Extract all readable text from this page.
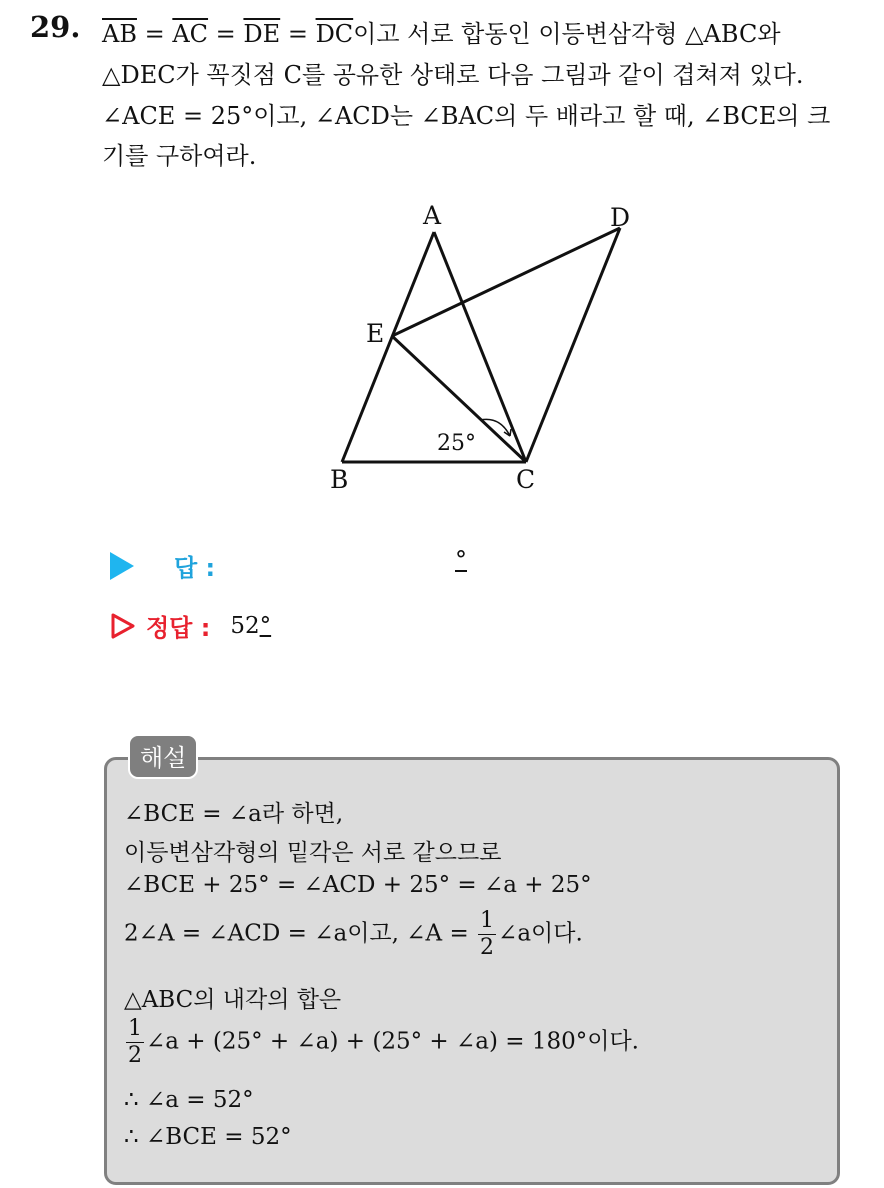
29. $\overline{AB} = \overline{AC} = \overline{DE} = \overline{DC}$이고 서로 합동인 이등변삼각형 △ABC와
△DEC가 꼭짓점 C를 공유한 상태로 다음 그림과 같이 겹쳐져 있다.
∠ACE = 25°이고, ∠ACD는 ∠BAC의 두 배라고 할 때, ∠BCE의 크
기를 구하여라.
A	D
E
B	C
25°
답 :	°
정답 : 52°
해설
∠BCE = ∠a라 하면,
이등변삼각형의 밑각은 서로 같으므로
∠BCE + 25° = ∠ACD + 25° = ∠a + 25°
2∠A = ∠ACD = ∠a이고, ∠A = $\frac{1}{2}$ ∠a이다.
△ABC의 내각의 합은
$\frac{1}{2}$ ∠a + (25° + ∠a) + (25° + ∠a) = 180°이다.
∴ ∠a = 52°
∴ ∠BCE = 52°
